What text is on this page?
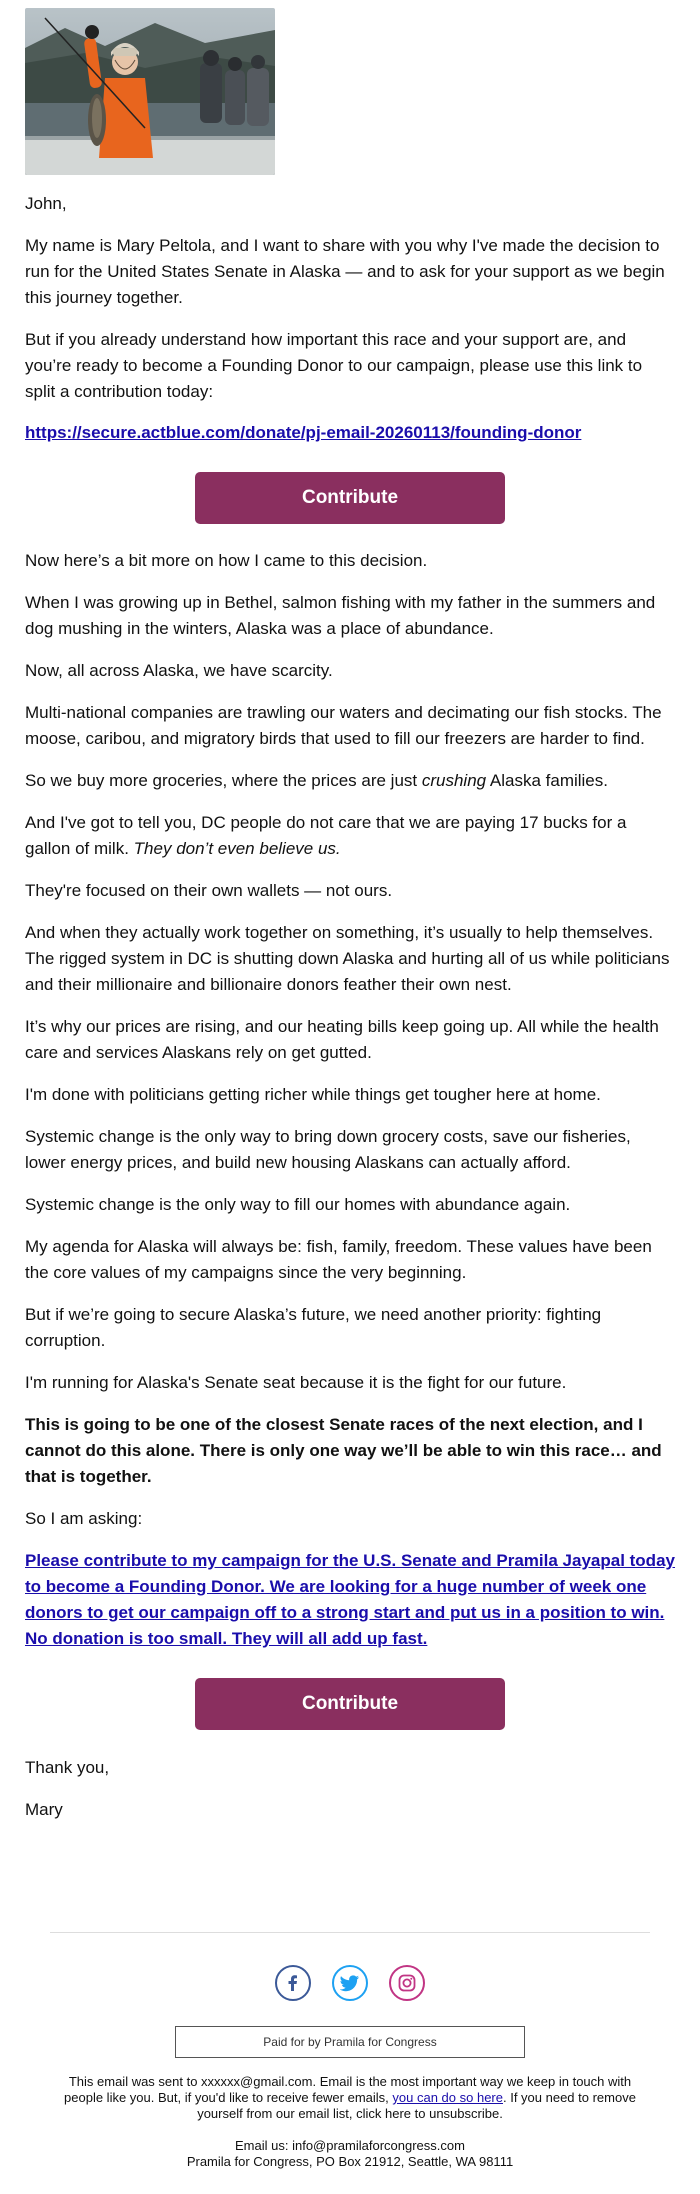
John,

My name is Mary Peltola, and I want to share with you why I've made the decision to run for the United States Senate in Alaska — and to ask for your support as we begin this journey together.

But if you already understand how important this race and your support are, and you’re ready to become a Founding Donor to our campaign, please use this link to split a contribution today:

https://secure.actblue.com/donate/pj-email-20260113/founding-donor

Contribute

Now here’s a bit more on how I came to this decision.

When I was growing up in Bethel, salmon fishing with my father in the summers and dog mushing in the winters, Alaska was a place of abundance.

Now, all across Alaska, we have scarcity.

Multi-national companies are trawling our waters and decimating our fish stocks. The moose, caribou, and migratory birds that used to fill our freezers are harder to find.

So we buy more groceries, where the prices are just crushing Alaska families.

And I've got to tell you, DC people do not care that we are paying 17 bucks for a gallon of milk. They don’t even believe us.

They're focused on their own wallets — not ours.

And when they actually work together on something, it’s usually to help themselves. The rigged system in DC is shutting down Alaska and hurting all of us while politicians and their millionaire and billionaire donors feather their own nest.

It’s why our prices are rising, and our heating bills keep going up. All while the health care and services Alaskans rely on get gutted.

I'm done with politicians getting richer while things get tougher here at home.

Systemic change is the only way to bring down grocery costs, save our fisheries, lower energy prices, and build new housing Alaskans can actually afford.

Systemic change is the only way to fill our homes with abundance again.

My agenda for Alaska will always be: fish, family, freedom. These values have been the core values of my campaigns since the very beginning.

But if we’re going to secure Alaska’s future, we need another priority: fighting corruption.

I'm running for Alaska's Senate seat because it is the fight for our future.

This is going to be one of the closest Senate races of the next election, and I cannot do this alone. There is only one way we’ll be able to win this race… and that is together.

So I am asking:

Please contribute to my campaign for the U.S. Senate and Pramila Jayapal today to become a Founding Donor. We are looking for a huge number of week one donors to get our campaign off to a strong start and put us in a position to win. No donation is too small. They will all add up fast.

Contribute

Thank you,

Mary

Paid for by Pramila for Congress
This email was sent to xxxxxx@gmail.com. Email is the most important way we keep in touch with people like you. But, if you'd like to receive fewer emails, you can do so here. If you need to remove yourself from our email list, click here to unsubscribe.
Email us: info@pramilaforcongress.com
Pramila for Congress, PO Box 21912, Seattle, WA 98111
